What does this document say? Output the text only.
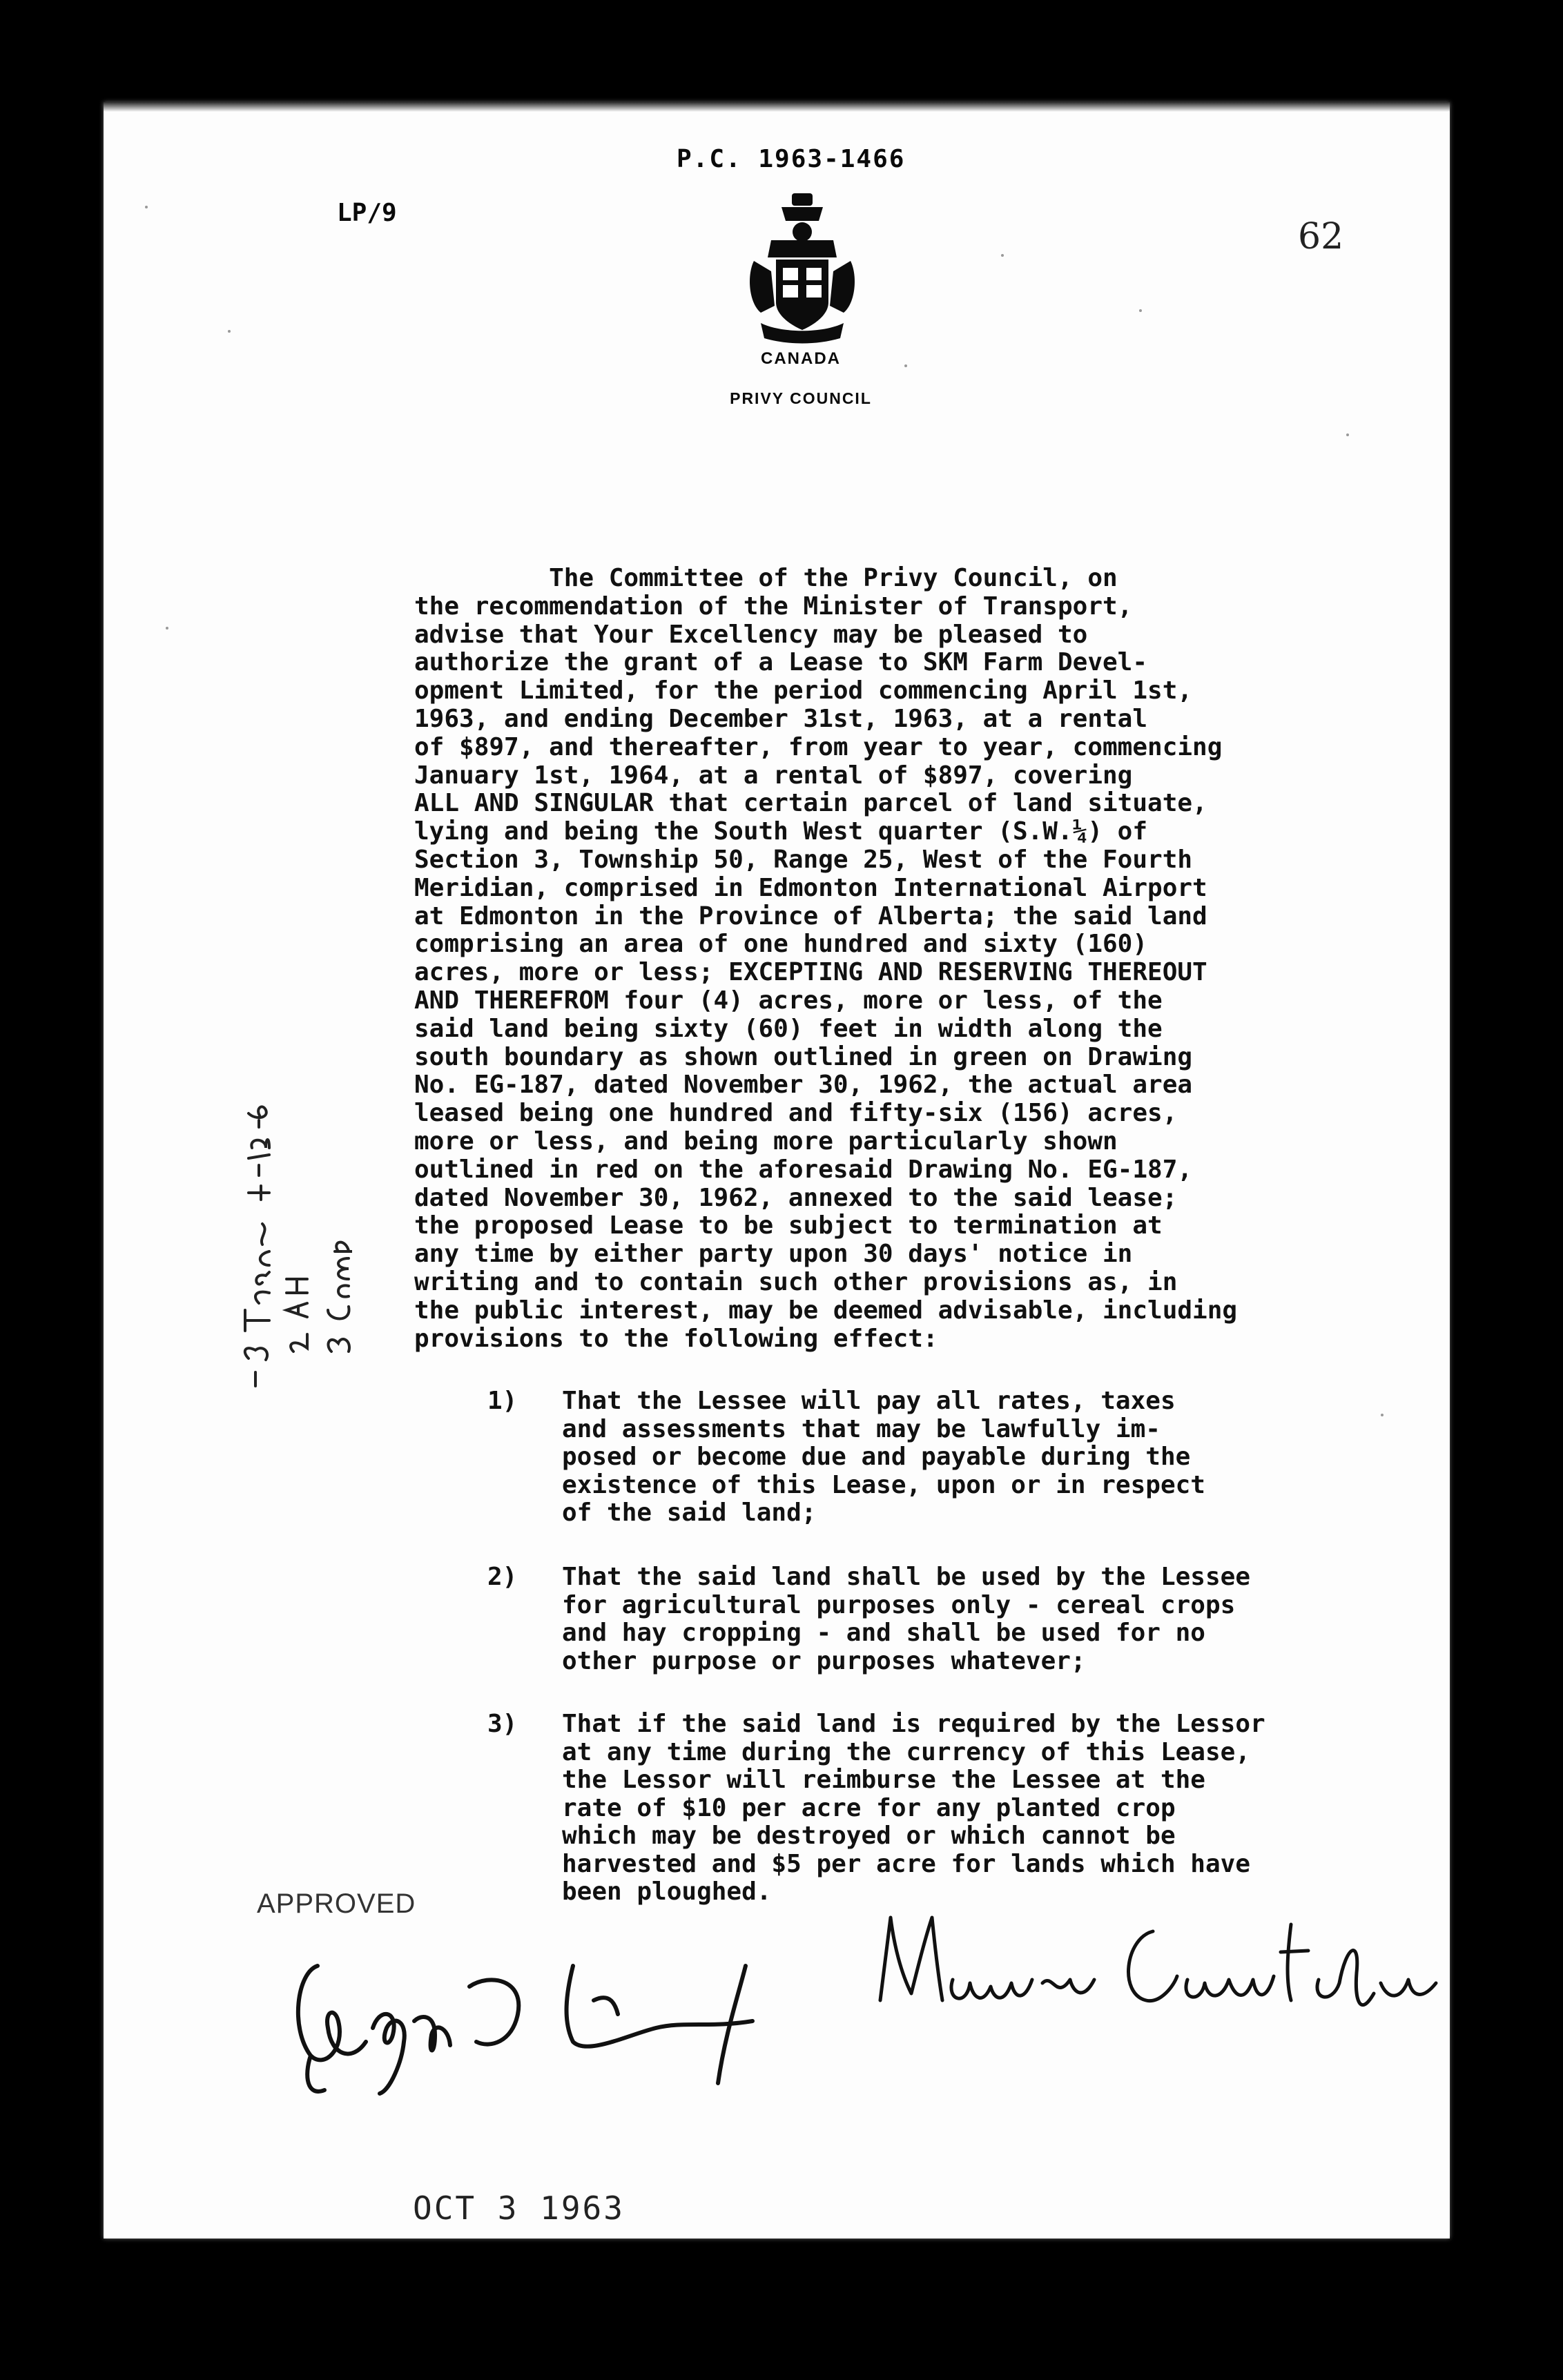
P.C. 1963-1466
LP/9
62
CANADA
PRIVY COUNCIL
The Committee of the Privy Council, on
the recommendation of the Minister of Transport,
advise that Your Excellency may be pleased to
authorize the grant of a Lease to SKM Farm Devel-
opment Limited, for the period commencing April 1st,
1963, and ending December 31st, 1963, at a rental
of $897, and thereafter, from year to year, commencing
January 1st, 1964, at a rental of $897, covering
ALL AND SINGULAR that certain parcel of land situate,
lying and being the South West quarter (S.W.¼) of
Section 3, Township 50, Range 25, West of the Fourth
Meridian, comprised in Edmonton International Airport
at Edmonton in the Province of Alberta; the said land
comprising an area of one hundred and sixty (160)
acres, more or less; EXCEPTING AND RESERVING THEREOUT
AND THEREFROM four (4) acres, more or less, of the
said land being sixty (60) feet in width along the
south boundary as shown outlined in green on Drawing
No. EG-187, dated November 30, 1962, the actual area
leased being one hundred and fifty-six (156) acres,
more or less, and being more particularly shown
outlined in red on the aforesaid Drawing No. EG-187,
dated November 30, 1962, annexed to the said lease;
the proposed Lease to be subject to termination at
any time by either party upon 30 days' notice in
writing and to contain such other provisions as, in
the public interest, may be deemed advisable, including
provisions to the following effect:
1) That the Lessee will pay all rates, taxes
and assessments that may be lawfully im-
posed or become due and payable during the
existence of this Lease, upon or in respect
of the said land;
2) That the said land shall be used by the Lessee
for agricultural purposes only - cereal crops
and hay cropping - and shall be used for no
other purpose or purposes whatever;
3) That if the said land is required by the Lessor
at any time during the currency of this Lease,
the Lessor will reimburse the Lessee at the
rate of $10 per acre for any planted crop
which may be destroyed or which cannot be
harvested and $5 per acre for lands which have
been ploughed.
APPROVED
OCT 3 1963
